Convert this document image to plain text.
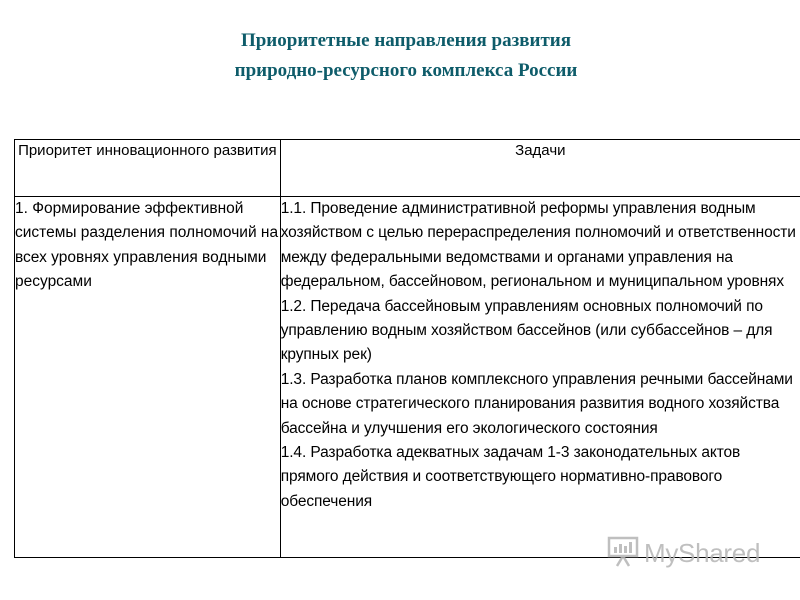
Приоритетные направления развития
природно-ресурсного комплекса России
Приоритет инновационного развития	Задачи
1. Формирование эффективной системы разделения полномочий на всех уровнях управления водными ресурсами	1.1. Проведение административной реформы управления водным хозяйством с целью перераспределения полномочий и ответственности между федеральными ведомствами и органами управления на федеральном, бассейновом, региональном и муниципальном уровнях
1.2. Передача бассейновым управлениям основных полномочий по управлению водным хозяйством бассейнов (или суббассейнов – для крупных рек)
1.3. Разработка планов комплексного управления речными бассейнами на основе стратегического планирования развития водного хозяйства бассейна и улучшения его экологического состояния
1.4. Разработка адекватных задачам 1-3 законодательных актов прямого действия и соответствующего нормативно-правового обеспечения
MyShared
